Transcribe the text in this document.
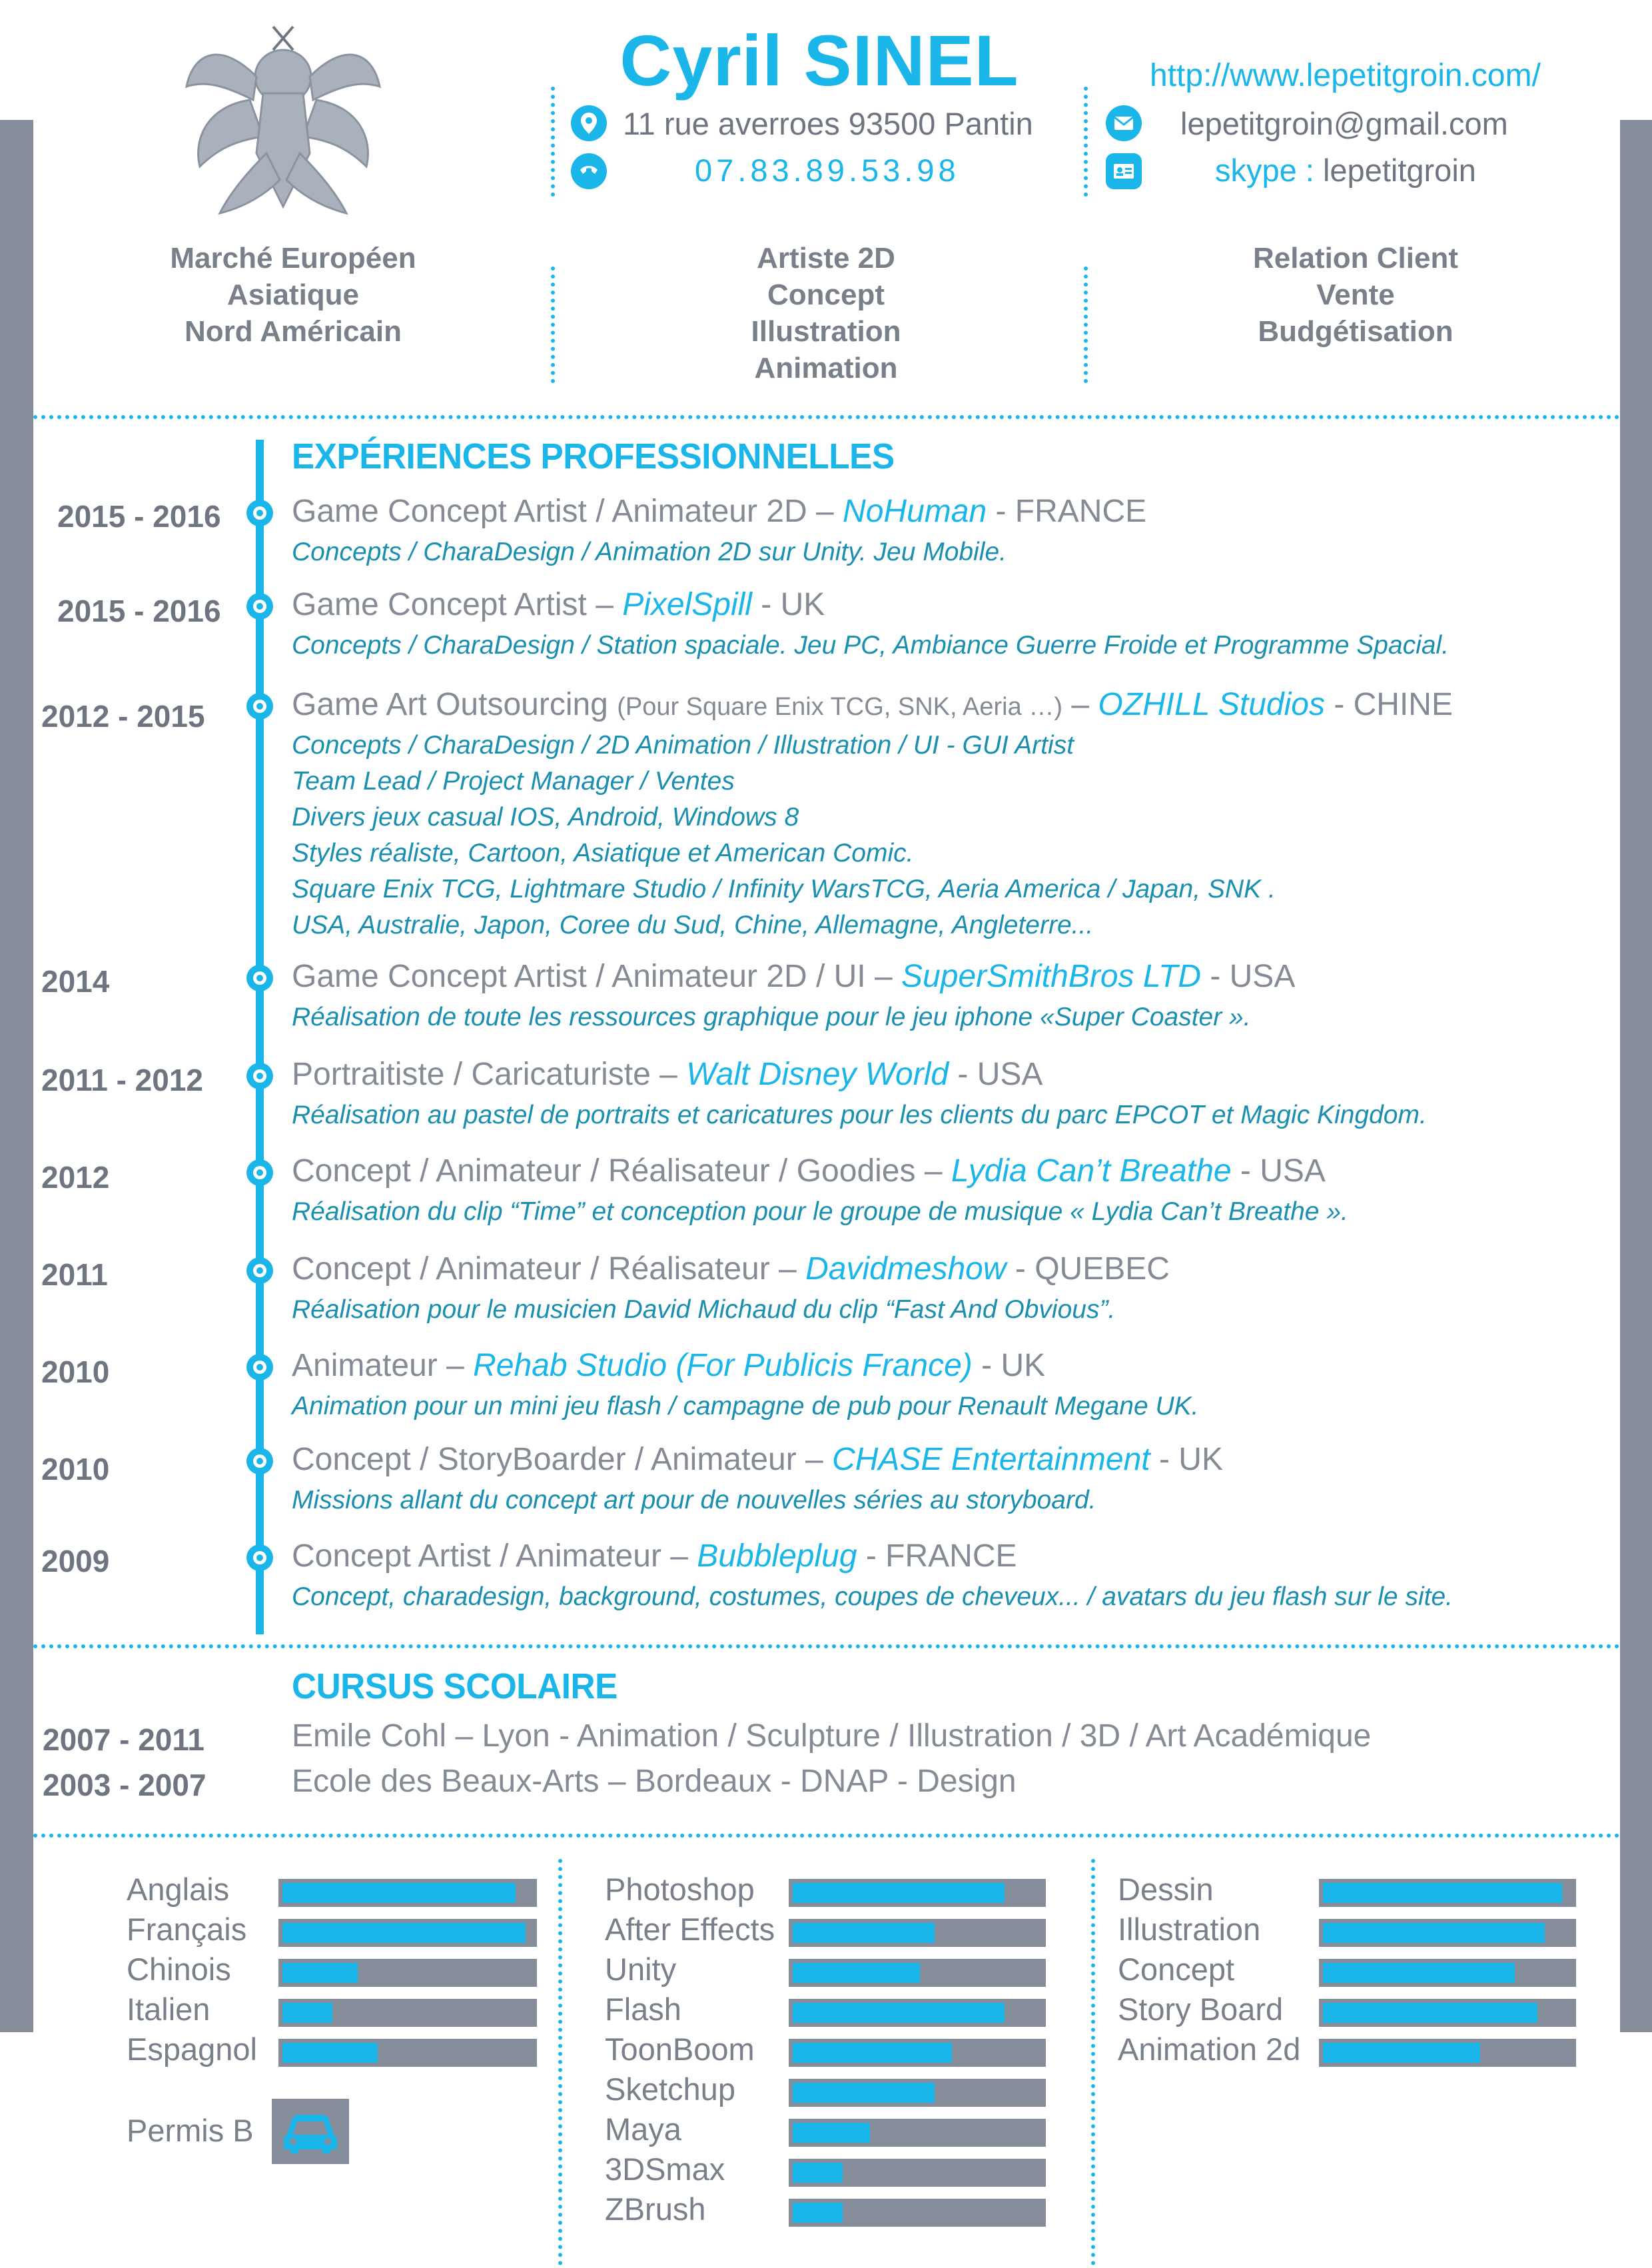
Cyril SINEL
11 rue averroes 93500 Pantin
07.83.89.53.98
http://www.lepetitgroin.com/
lepetitgroin@gmail.com
skype : lepetitgroin
Marché Européen
Asiatique
Nord Américain
Artiste 2D
Concept
Illustration
Animation
Relation Client
Vente
Budgétisation
EXPÉRIENCES PROFESSIONNELLES
2015 - 2016 Game Concept Artist / Animateur 2D – NoHuman - FRANCE
Concepts / CharaDesign / Animation 2D sur Unity. Jeu Mobile.
2015 - 2016 Game Concept Artist – PixelSpill - UK
Concepts / CharaDesign / Station spaciale. Jeu PC, Ambiance Guerre Froide et Programme Spacial.
2012 - 2015	Game Art Outsourcing (Pour Square Enix TCG, SNK, Aeria …) – OZHILL Studios - CHINE
Concepts / CharaDesign / 2D Animation / Illustration / UI - GUI Artist
Team Lead / Project Manager / Ventes
Divers jeux casual IOS, Android, Windows 8
Styles réaliste, Cartoon, Asiatique et American Comic.
Square Enix TCG, Lightmare Studio / Infinity WarsTCG, Aeria America / Japan, SNK .
USA, Australie, Japon, Coree du Sud, Chine, Allemagne, Angleterre...
2014	Game Concept Artist / Animateur 2D / UI – SuperSmithBros LTD - USA
Réalisation de toute les ressources graphique pour le jeu iphone «Super Coaster ».
2011 - 2012	Portraitiste / Caricaturiste – Walt Disney World - USA
Réalisation au pastel de portraits et caricatures pour les clients du parc EPCOT et Magic Kingdom.
2012	Concept / Animateur / Réalisateur / Goodies – Lydia Can’t Breathe - USA
Réalisation du clip “Time” et conception pour le groupe de musique « Lydia Can’t Breathe ».
2011	Concept / Animateur / Réalisateur – Davidmeshow - QUEBEC
Réalisation pour le musicien David Michaud du clip “Fast And Obvious”.
2010	Animateur – Rehab Studio (For Publicis France) - UK
Animation pour un mini jeu flash / campagne de pub pour Renault Megane UK.
2010	Concept / StoryBoarder / Animateur – CHASE Entertainment - UK
Missions allant du concept art pour de nouvelles séries au storyboard.
2009	Concept Artist / Animateur – Bubbleplug - FRANCE
Concept, charadesign, background, costumes, coupes de cheveux... / avatars du jeu flash sur le site.
CURSUS SCOLAIRE
2007 - 2011	Emile Cohl – Lyon - Animation / Sculpture / Illustration / 3D / Art Académique
2003 - 2007	Ecole des Beaux-Arts – Bordeaux - DNAP - Design
Anglais
Français
Chinois
Italien
Espagnol
Photoshop
After Effects
Unity
Flash
ToonBoom
Sketchup
Maya
3DSmax
ZBrush
Dessin
Illustration
Concept
Story Board
Animation 2d
Permis B
